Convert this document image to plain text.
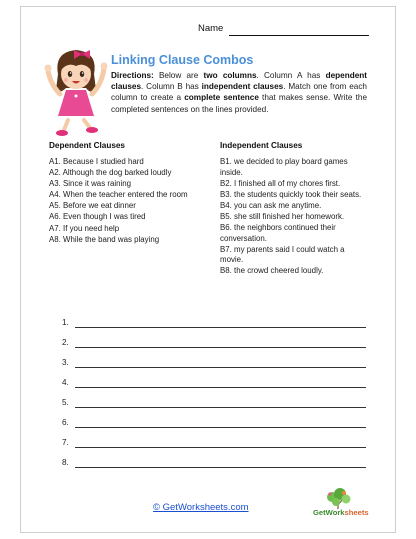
Name
Linking Clause Combos
Directions: Below are two columns. Column A has dependent clauses. Column B has independent clauses. Match one from each column to create a complete sentence that makes sense. Write the completed sentences on the lines provided.
Dependent Clauses	Independent Clauses
A1. Because I studied hard
A2. Although the dog barked loudly
A3. Since it was raining
A4. When the teacher entered the room
A5. Before we eat dinner
A6. Even though I was tired
A7. If you need help
A8. While the band was playing
B1. we decided to play board games inside.
B2. I finished all of my chores first.
B3. the students quickly took their seats.
B4. you can ask me anytime.
B5. she still finished her homework.
B6. the neighbors continued their conversation.
B7. my parents said I could watch a movie.
B8. the crowd cheered loudly.
1.
2.
3.
4.
5.
6.
7.
8.
© GetWorksheets.com	GetWorksheets
